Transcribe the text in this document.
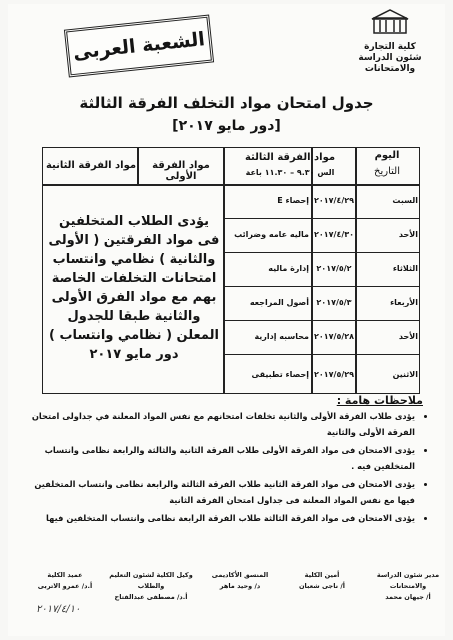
كلية التجارة
شئون الدراسة والامتحانات
الشعبة العربى
جدول امتحان مواد التخلف الفرقة الثالثة
[دور مايو ٢٠١٧]
اليوم
التاريخ
مواد الفرقة الثالثة
الس ٩.٣٠ – ١١.٣٠ باعة
مواد الفرقة الأولى
مواد الفرقة الثانية
السبت
٢٠١٧/٤/٢٩
إحصاء E
الأحد
٢٠١٧/٤/٣٠
ماليه عامه وضرائب
الثلاثاء
٢٠١٧/٥/٢
إدارة ماليه
الأربعاء
٢٠١٧/٥/٣
أصول المراجعه
الأحد
٢٠١٧/٥/٢٨
محاسبه إدارية
الاثنين
٢٠١٧/٥/٢٩
إحصاء تطبيقى
يؤدى الطلاب المتخلفين فى مواد الفرقتين ( الأولى والثانية ) نظامي وانتساب امتحانات التخلفات الخاصة بهم مع مواد الفرق الأولى والثانية طبقا للجدول المعلن ( نظامي وانتساب ) دور مايو ٢٠١٧
ملاحظات هامة :
• يؤدى طلاب الفرقة الأولى والثانية تخلفات امتحانهم مع نفس المواد المعلنة في جداولى امتحان الفرقة الأولى والثانية
• يؤدى الامتحان فى مواد الفرقة الأولى طلاب الفرقة الثانية والثالثة والرابعة نظامى وانتساب المتخلفين فيه .
• يؤدى الامتحان فى مواد الفرقة الثانية طلاب الفرقة الثالثة والرابعة نظامى وانتساب المتخلفين فيها مع نفس المواد المعلنة فى جداول امتحان الفرقة الثانية
• يؤدى الامتحان فى مواد الفرقة الثالثة طلاب الفرقة الرابعة نظامى وانتساب المتخلفين فيها
مدير شئون الدراسة والامتحانات
أ/ جيهان محمد
أمين الكلية
أ/ ناجى شعبان
المنسق الأكاديمى
د/ وحيد ماهر
وكيل الكلية لشئون التعليم والطلاب
أ.د/ مصطفى عبدالفتاح
عميد الكلية
أ.د/ عمرو الاتربى
٢٠١٧/٤/١٠
